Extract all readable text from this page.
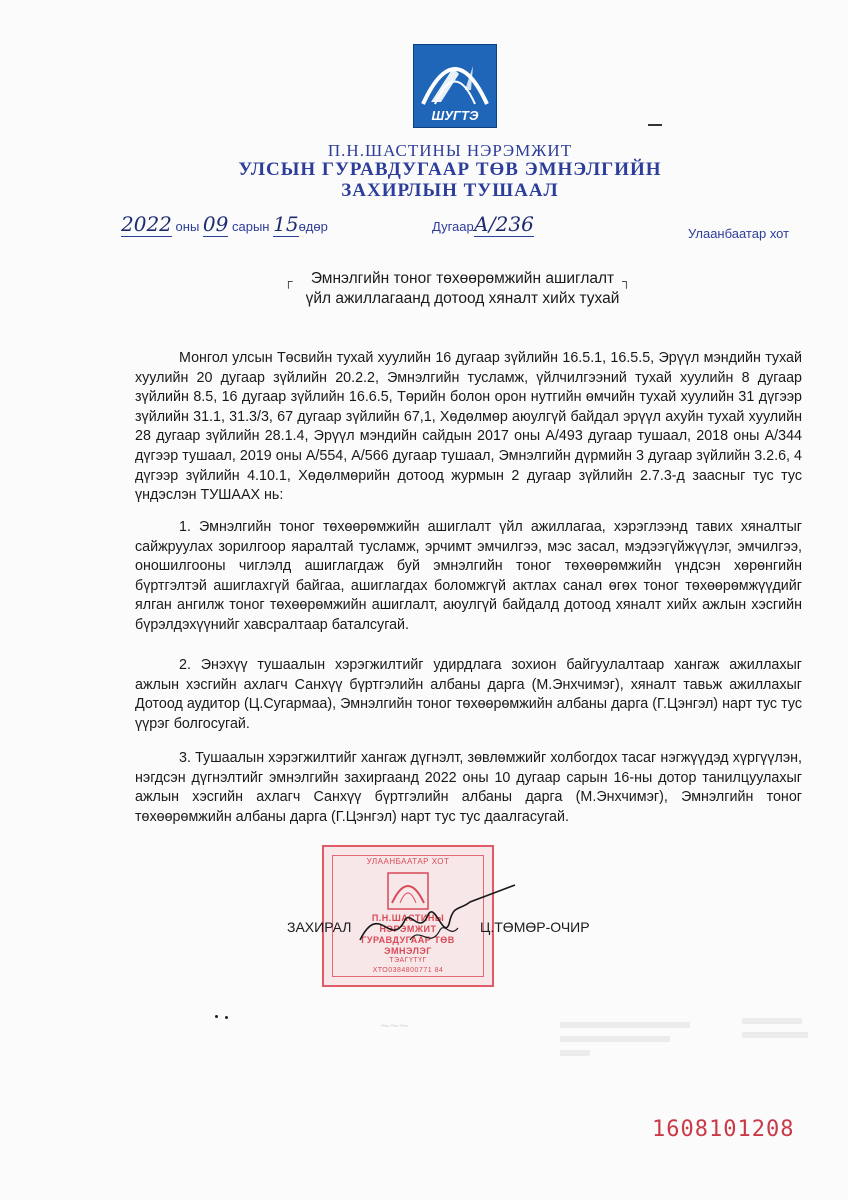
ШУГТЭ
П.Н.ШАСТИНЫ НЭРЭМЖИТ
УЛСЫН ГУРАВДУГААР ТӨВ ЭМНЭЛГИЙН
ЗАХИРЛЫН ТУШААЛ
2022 оны 09 сарын 15өдөр	ДугаарА/236	Улаанбаатар хот
┌	┐
Эмнэлгийн тоног төхөөрөмжийн ашиглалт
үйл ажиллагаанд дотоод хяналт хийх тухай
Монгол улсын Төсвийн тухай хуулийн 16 дугаар зүйлийн 16.5.1, 16.5.5, Эрүүл мэндийн тухай хуулийн 20 дугаар зүйлийн 20.2.2, Эмнэлгийн тусламж, үйлчилгээний тухай хуулийн 8 дугаар зүйлийн 8.5, 16 дугаар зүйлийн 16.6.5, Төрийн болон орон нутгийн өмчийн тухай хуулийн 31 дүгээр зүйлийн 31.1, 31.3/3, 67 дугаар зүйлийн 67,1, Хөдөлмөр аюулгүй байдал эрүүл ахуйн тухай хуулийн 28 дугаар зүйлийн 28.1.4, Эрүүл мэндийн сайдын 2017 оны А/493 дугаар тушаал, 2018 оны А/344 дүгээр тушаал, 2019 оны А/554, А/566 дугаар тушаал, Эмнэлгийн дүрмийн 3 дугаар зүйлийн 3.2.6, 4 дүгээр зүйлийн 4.10.1, Хөдөлмөрийн дотоод журмын 2 дугаар зүйлийн 2.7.3-д заасныг тус тус үндэслэн ТУШААХ нь:
1. Эмнэлгийн тоног төхөөрөмжийн ашиглалт үйл ажиллагаа, хэрэглээнд тавих хяналтыг сайжруулах зорилгоор яаралтай тусламж, эрчимт эмчилгээ, мэс засал, мэдээгүйжүүлэг, эмчилгээ, оношилгооны чиглэлд ашиглагдаж буй эмнэлгийн тоног төхөөрөмжийн үндсэн хөрөнгийн бүртгэлтэй ашиглахгүй байгаа, ашиглагдах боломжгүй актлах санал өгөх тоног төхөөрөмжүүдийг ялган ангилж тоног төхөөрөмжийн ашиглалт, аюулгүй байдалд дотоод хяналт хийх ажлын хэсгийн бүрэлдэхүүнийг хавсралтаар баталсугай.
2. Энэхүү тушаалын хэрэгжилтийг удирдлага зохион байгуулалтаар хангаж ажиллахыг ажлын хэсгийн ахлагч Санхүү бүртгэлийн албаны дарга (М.Энхчимэг), хяналт тавьж ажиллахыг Дотоод аудитор (Ц.Сугармаа), Эмнэлгийн тоног төхөөрөмжийн албаны дарга (Г.Цэнгэл) нарт тус тус үүрэг болгосугай.
3. Тушаалын хэрэгжилтийг хангаж дүгнэлт, зөвлөмжийг холбогдох тасаг нэгжүүдэд хүргүүлэн, нэгдсэн дүгнэлтийг эмнэлгийн захиргаанд 2022 оны 10 дугаар сарын 16-ны дотор танилцуулахыг ажлын хэсгийн ахлагч Санхүү бүртгэлийн албаны дарга (М.Энхчимэг), Эмнэлгийн тоног төхөөрөмжийн албаны дарга (Г.Цэнгэл) нарт тус тус даалгасугай.
УЛААНБААТАР ХОТ
П.Н.ШАСТИНЫ
НЭРЭМЖИТ
ГУРАВДУГААР ТӨВ
ЭМНЭЛЭГ
ТЭАГҮТҮГ
ХТО0384800771 84
ЗАХИРАЛ	Ц.ТӨМӨР-ОЧИР
~~~
1608101208
